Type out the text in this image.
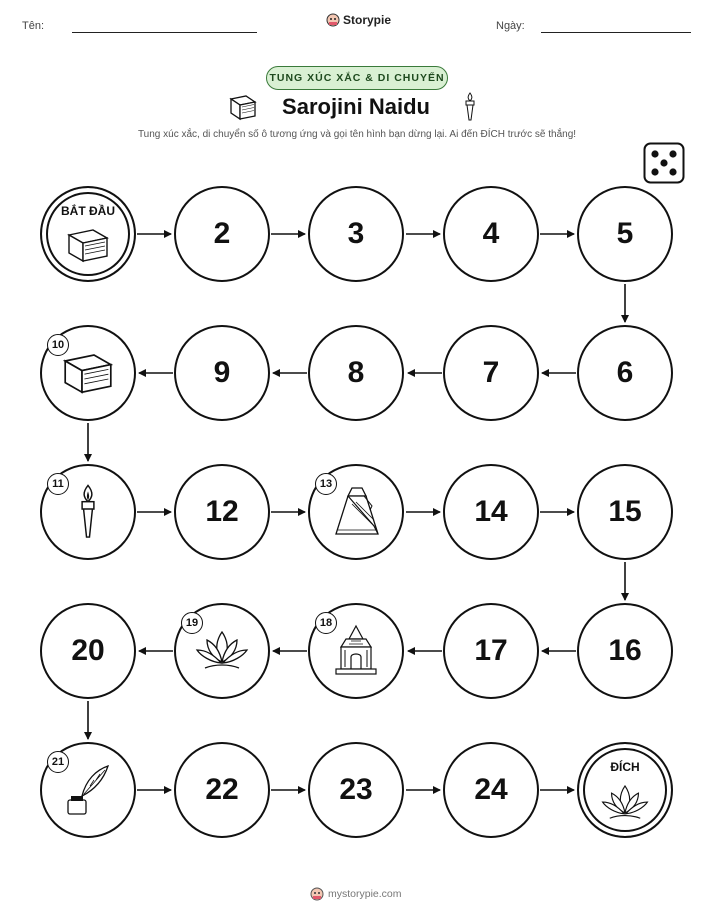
Tên:	Storypie	Ngày:
TUNG XÚC XẮC & DI CHUYỂN
Sarojini Naidu
Tung xúc xắc, di chuyển số ô tương ứng và gọi tên hình bạn dừng lại. Ai đến ĐÍCH trước sẽ thắng!
BẮT ĐẦU
2	3	4	5
10
9	8	7	6
11
12
13
14	15
20
19	18
17	16
21
22	23	24
ĐÍCH
mystorypie.com
